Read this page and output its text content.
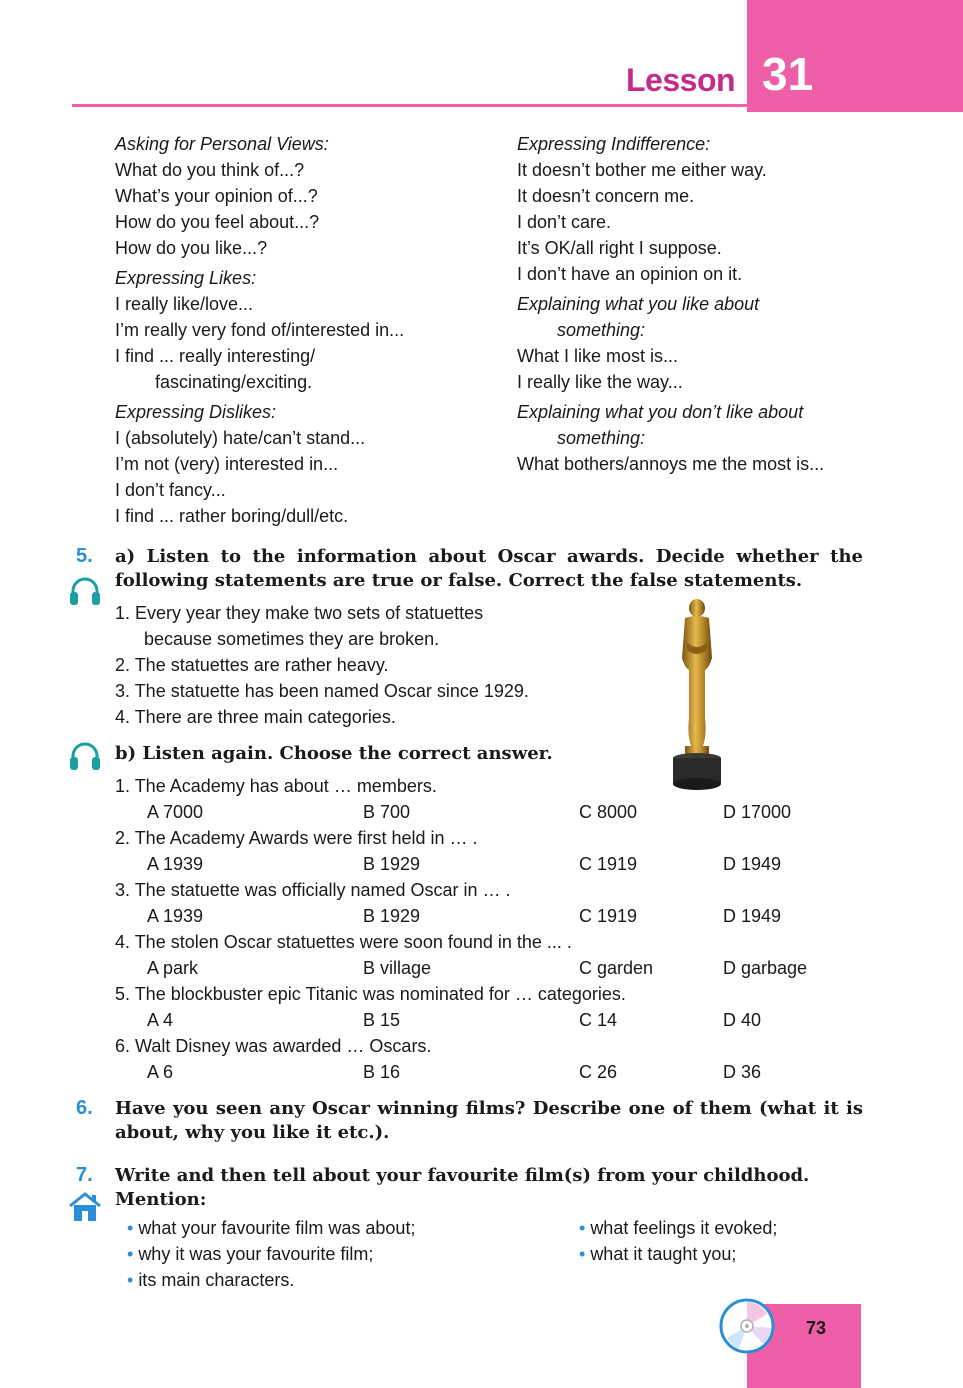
31
Lesson
Asking for Personal Views:
What do you think of...?
What’s your opinion of...?
How do you feel about...?
How do you like...?
Expressing Likes:
I really like/love...
I’m really very fond of/interested in...
I find ... really interesting/
fascinating/exciting.
Expressing Dislikes:
I (absolutely) hate/can’t stand...
I’m not (very) interested in...
I don’t fancy...
I find ... rather boring/dull/etc.
Expressing Indifference:
It doesn’t bother me either way.
It doesn’t concern me.
I don’t care.
It’s OK/all right I suppose.
I don’t have an opinion on it.
Explaining what you like about
something:
What I like most is...
I really like the way...
Explaining what you don’t like about
something:
What bothers/annoys me the most is...
5. a) Listen to the information about Oscar awards. Decide whether the following statements are true or false. Correct the false statements.
1. Every year they make two sets of statuettes
because sometimes they are broken.
2. The statuettes are rather heavy.
3. The statuette has been named Oscar since 1929.
4. There are three main categories.
b) Listen again. Choose the correct answer.
1. The Academy has about … members.
A 7000	B 700	C 8000	D 17000
2. The Academy Awards were first held in … .
A 1939	B 1929	C 1919	D 1949
3. The statuette was officially named Oscar in … .
A 1939	B 1929	C 1919	D 1949
4. The stolen Oscar statuettes were soon found in the ... .
A park	B village	C garden	D garbage
5. The blockbuster epic Titanic was nominated for … categories.
A 4	B 15	C 14	D 40
6. Walt Disney was awarded … Oscars.
A 6	B 16	C 26	D 36
6. Have you seen any Oscar winning films? Describe one of them (what it is about, why you like it etc.).
7. Write and then tell about your favourite film(s) from your childhood.
Mention:
• what your favourite film was about;
• why it was your favourite film;
• its main characters.
• what feelings it evoked;
• what it taught you;
73
